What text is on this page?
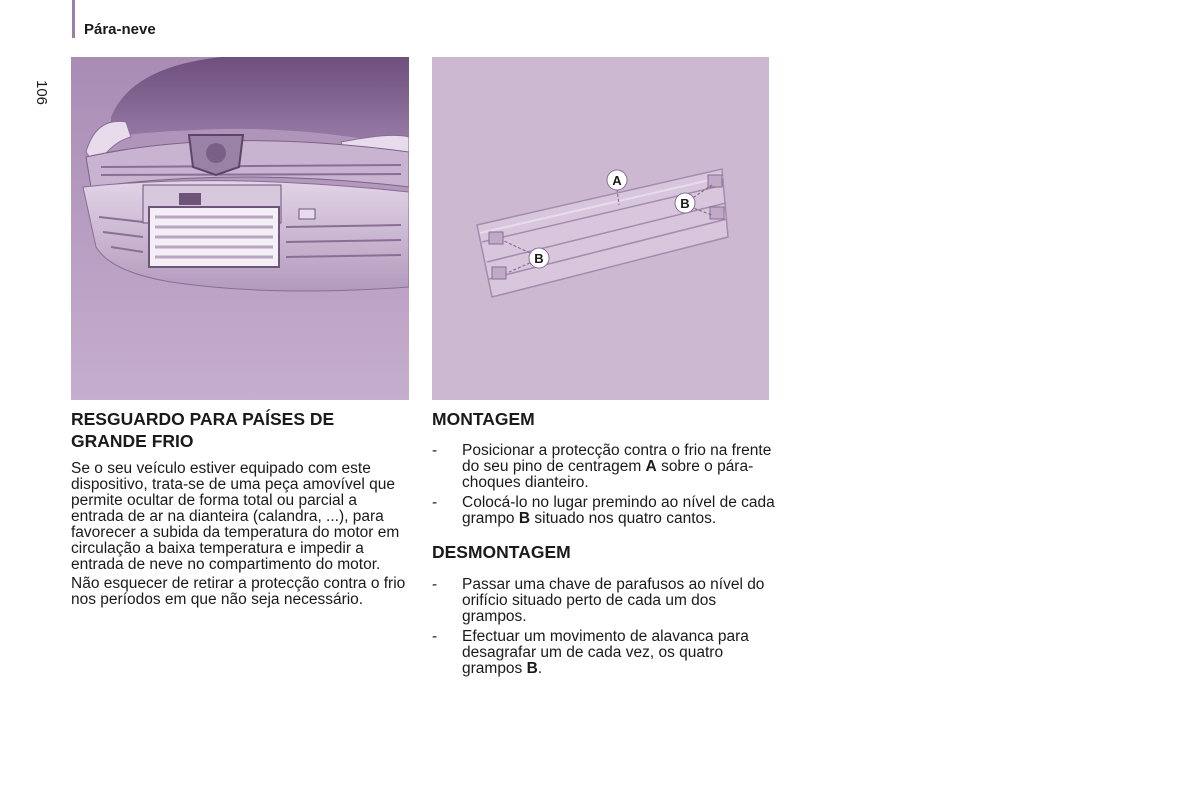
Pára-neve
106
A
B
B
RESGUARDO PARA PAÍSES DE GRANDE FRIO

Se o seu veículo estiver equipado com este dispositivo, trata-se de uma peça amovível que permite ocultar de forma total ou parcial a entrada de ar na dianteira (calandra, ...), para favorecer a subida da temperatura do motor em circulação a baixa temperatura e impedir a entrada de neve no compartimento do motor.

Não esquecer de retirar a protecção contra o frio nos períodos em que não seja necessário.

MONTAGEM
- Posicionar a protecção contra o frio na frente do seu pino de centragem A sobre o pára-choques dianteiro.
- Colocá-lo no lugar premindo ao nível de cada grampo B situado nos quatro cantos.
DESMONTAGEM
- Passar uma chave de parafusos ao nível do orifício situado perto de cada um dos grampos.
- Efectuar um movimento de alavanca para desagrafar um de cada vez, os quatro grampos B.
